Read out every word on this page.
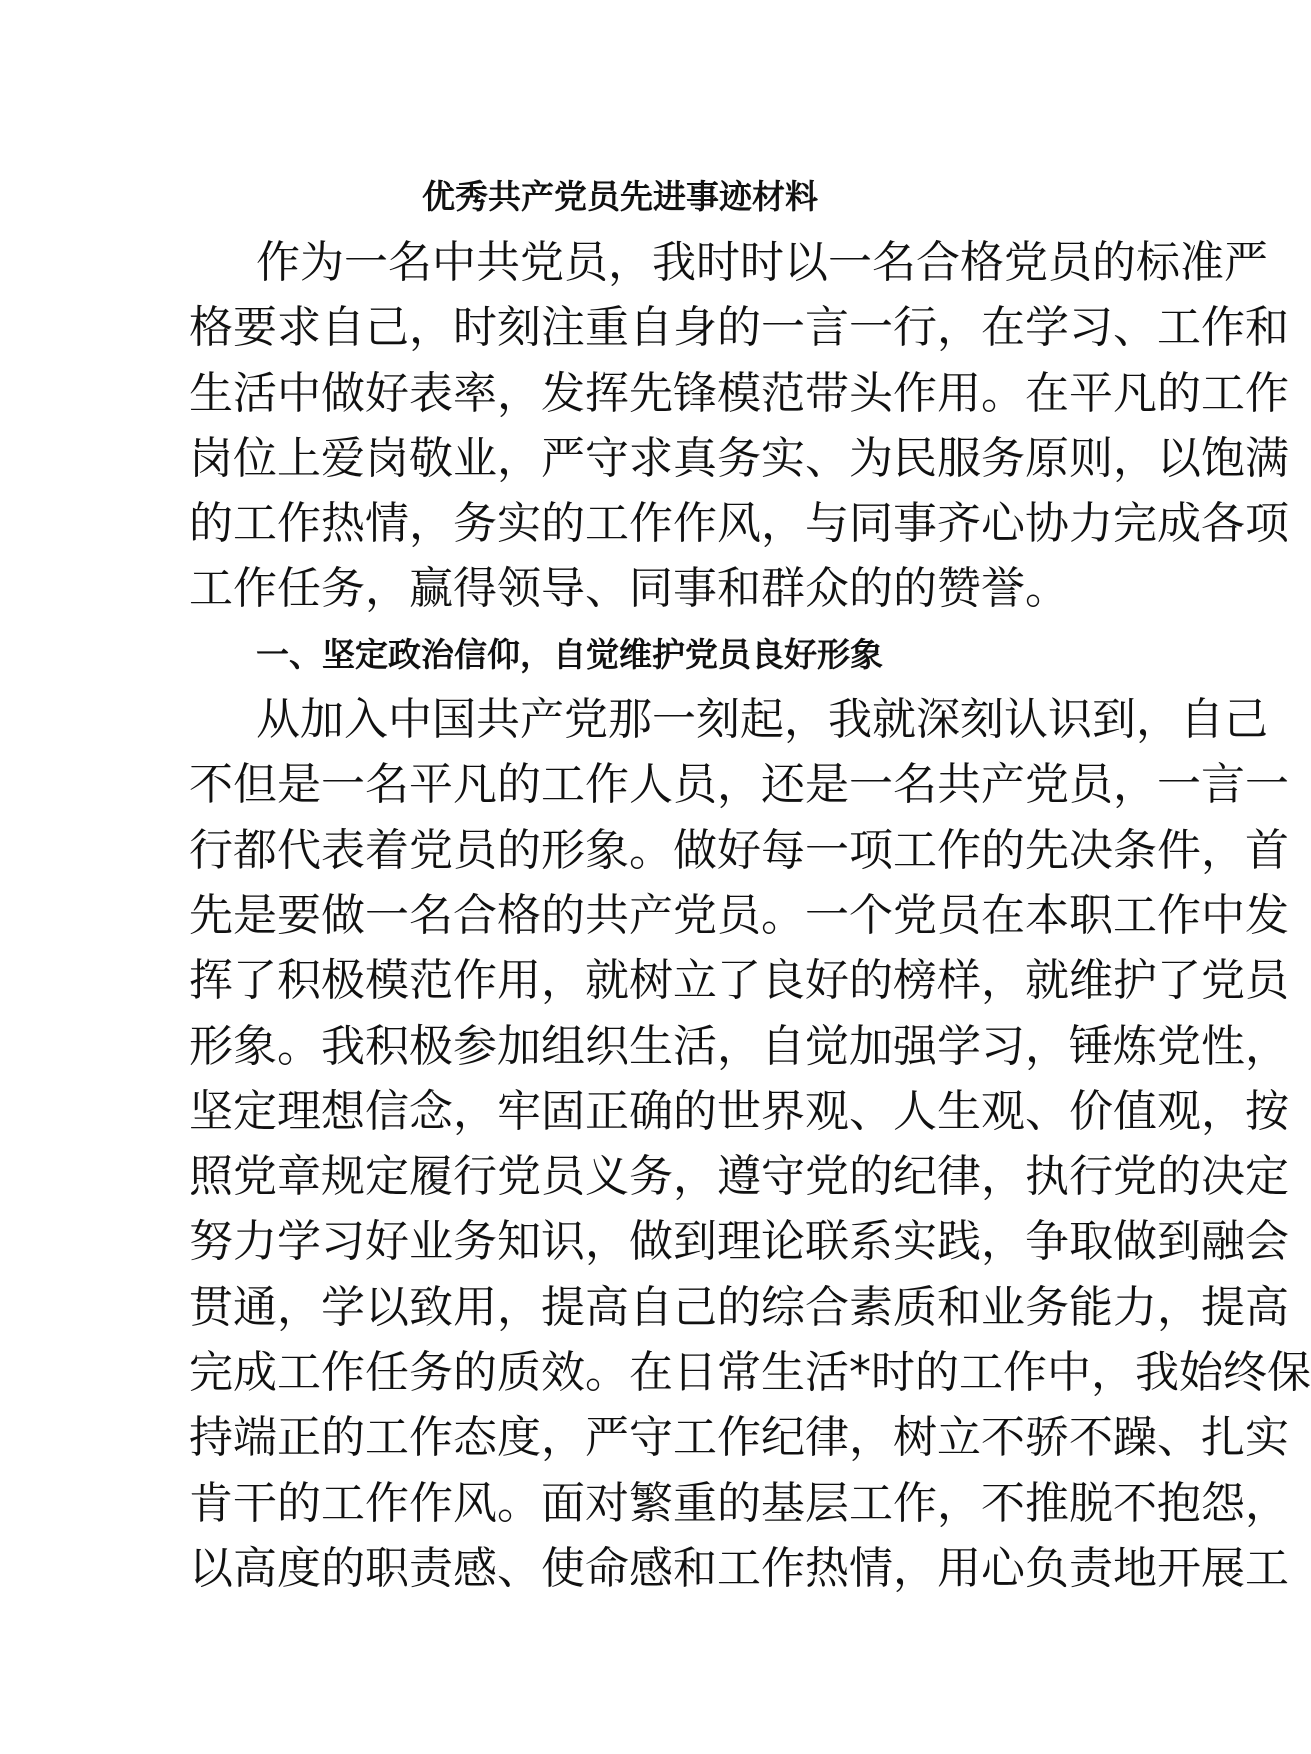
优秀共产党员先进事迹材料
作为一名中共党员，我时时以一名合格党员的标准严
格要求自己，时刻注重自身的一言一行，在学习、工作和
生活中做好表率，发挥先锋模范带头作用。在平凡的工作
岗位上爱岗敬业，严守求真务实、为民服务原则，以饱满
的工作热情，务实的工作作风，与同事齐心协力完成各项
工作任务，赢得领导、同事和群众的的赞誉。
一、坚定政治信仰，自觉维护党员良好形象
从加入中国共产党那一刻起，我就深刻认识到，自己
不但是一名平凡的工作人员，还是一名共产党员，一言一
行都代表着党员的形象。做好每一项工作的先决条件，首
先是要做一名合格的共产党员。一个党员在本职工作中发
挥了积极模范作用，就树立了良好的榜样，就维护了党员
形象。我积极参加组织生活，自觉加强学习，锤炼党性，
坚定理想信念，牢固正确的世界观、人生观、价值观，按
照党章规定履行党员义务，遵守党的纪律，执行党的决定
努力学习好业务知识，做到理论联系实践，争取做到融会
贯通，学以致用，提高自己的综合素质和业务能力，提高
完成工作任务的质效。在日常生活*时的工作中，我始终保
持端正的工作态度，严守工作纪律，树立不骄不躁、扎实
肯干的工作作风。面对繁重的基层工作，不推脱不抱怨，
以高度的职责感、使命感和工作热情，用心负责地开展工
